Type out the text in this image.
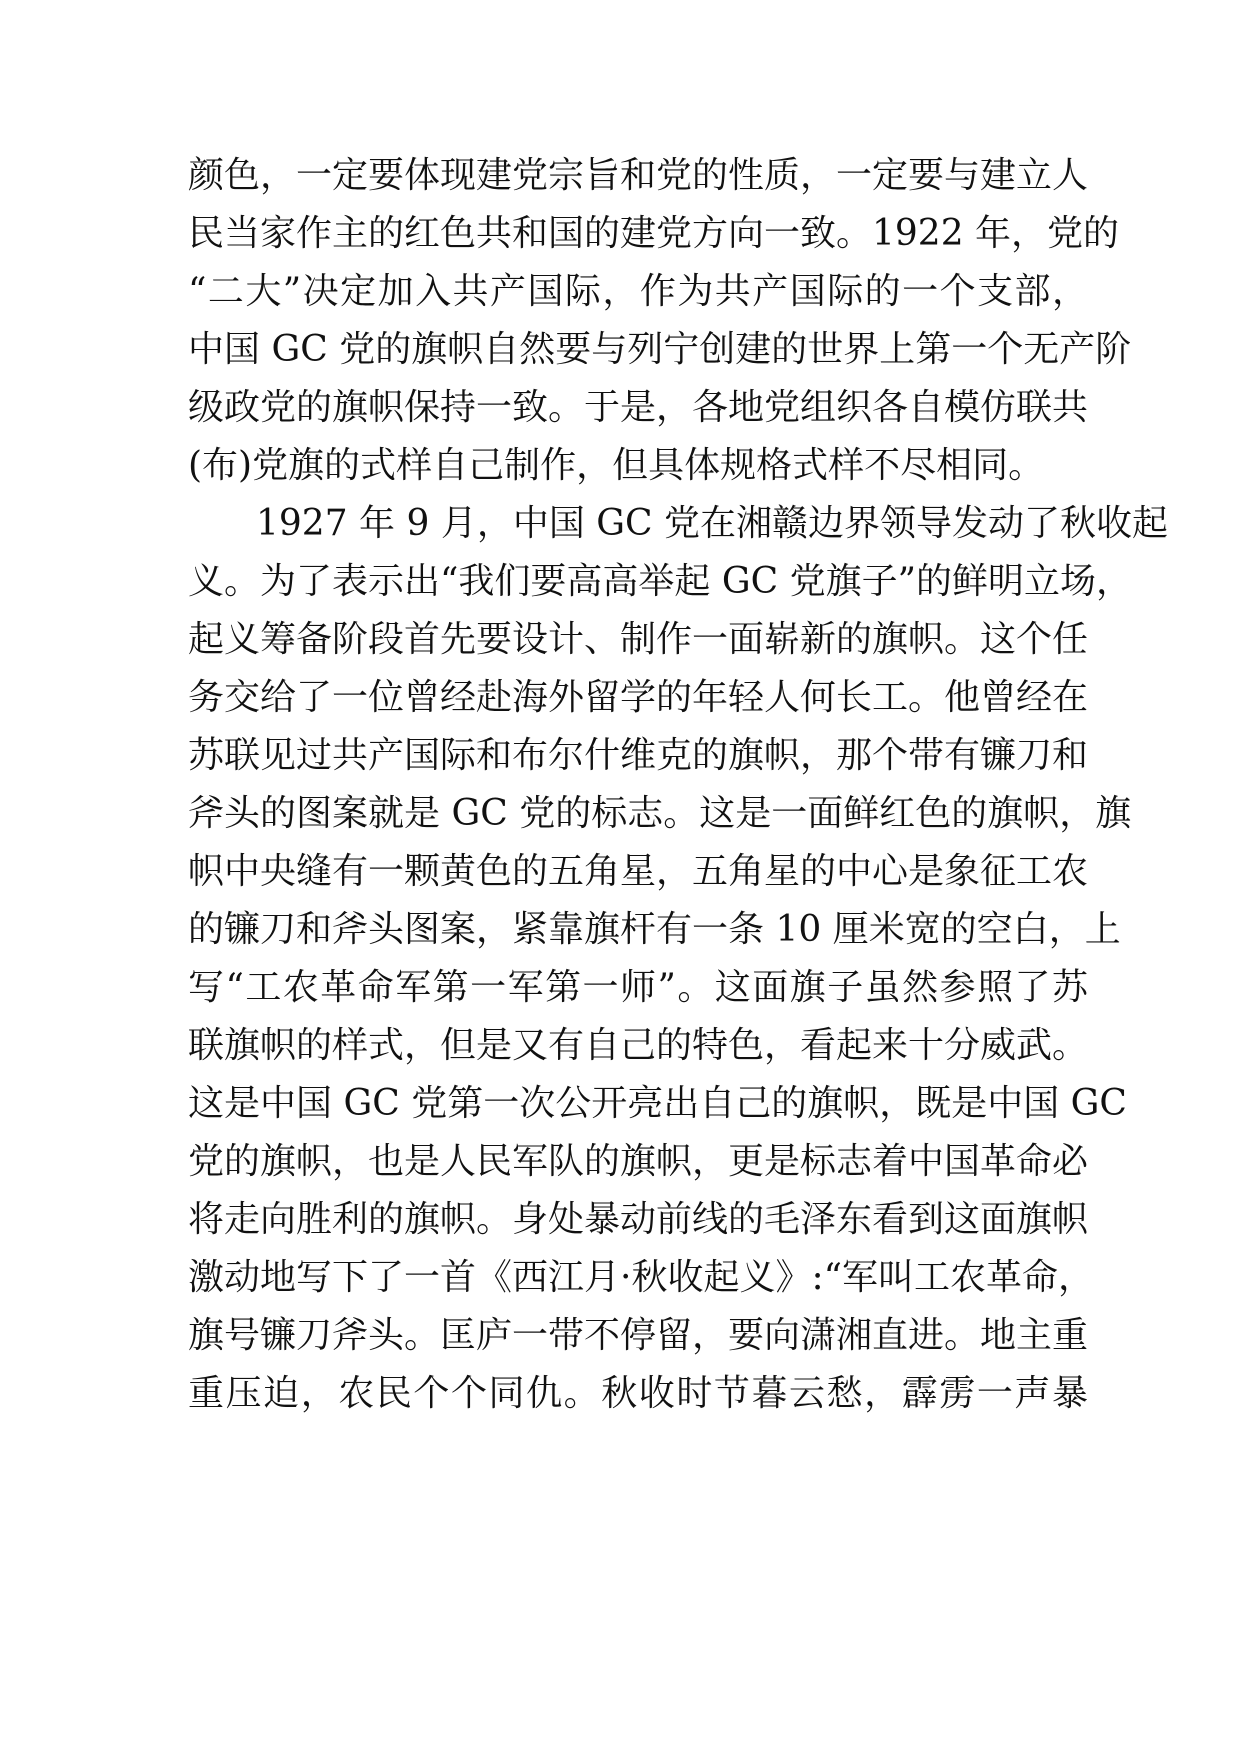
颜色，一定要体现建党宗旨和党的性质，一定要与建立人
民当家作主的红色共和国的建党方向一致。1922 年，党的
“二大”决定加入共产国际，作为共产国际的一个支部，
中国 GC 党的旗帜自然要与列宁创建的世界上第一个无产阶
级政党的旗帜保持一致。于是，各地党组织各自模仿联共
(布)党旗的式样自己制作，但具体规格式样不尽相同。
1927 年 9 月，中国 GC 党在湘赣边界领导发动了秋收起
义。为了表示出“我们要高高举起 GC 党旗子”的鲜明立场，
起义筹备阶段首先要设计、制作一面崭新的旗帜。这个任
务交给了一位曾经赴海外留学的年轻人何长工。他曾经在
苏联见过共产国际和布尔什维克的旗帜，那个带有镰刀和
斧头的图案就是 GC 党的标志。这是一面鲜红色的旗帜，旗
帜中央缝有一颗黄色的五角星，五角星的中心是象征工农
的镰刀和斧头图案，紧靠旗杆有一条 10 厘米宽的空白，上
写“工农革命军第一军第一师”。这面旗子虽然参照了苏
联旗帜的样式，但是又有自己的特色，看起来十分威武。
这是中国 GC 党第一次公开亮出自己的旗帜，既是中国 GC
党的旗帜，也是人民军队的旗帜，更是标志着中国革命必
将走向胜利的旗帜。身处暴动前线的毛泽东看到这面旗帜
激动地写下了一首《西江月·秋收起义》:“军叫工农革命，
旗号镰刀斧头。匡庐一带不停留，要向潇湘直进。地主重
重压迫，农民个个同仇。秋收时节暮云愁，霹雳一声暴
